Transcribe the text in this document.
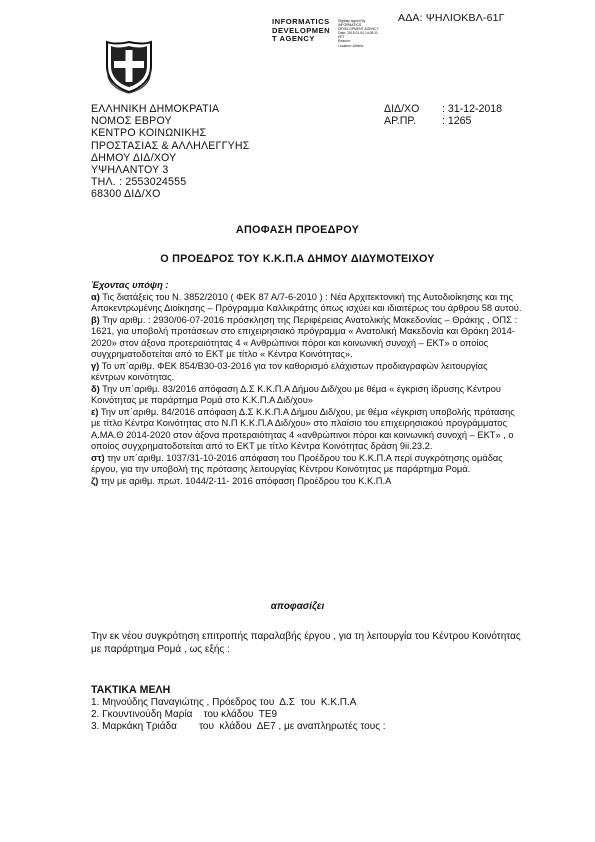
ΑΔΑ: ΨΗΛΙΟΚΒΛ-61Γ
INFORMATICS
DEVELOPMEN
T AGENCY
Digitally signed by
INFORMATICS
DEVELOPMENT AGENCY
Date: 2019.01.04 14:08:11
EET
Reason:
Location: Athens
ΕΛΛΗΝΙΚΗ ΔΗΜΟΚΡΑΤΙΑ
ΝΟΜΟΣ ΕΒΡΟΥ
ΚΕΝΤΡΟ ΚΟΙΝΩΝΙΚΗΣ
ΠΡΟΣΤΑΣΙΑΣ & ΑΛΛΗΛΕΓΓΥΗΣ
ΔΗΜΟΥ ΔΙΔ/ΧΟΥ
ΥΨΗΛΑΝΤΟΥ 3
ΤΗΛ. : 2553024555
68300 ΔΙΔ/ΧΟ
ΔΙΔ/ΧΟ	: 31-12-2018
ΑΡ.ΠΡ.	: 1265
ΑΠΟΦΑΣΗ ΠΡΟΕΔΡΟΥ
Ο ΠΡΟΕΔΡΟΣ ΤΟΥ Κ.Κ.Π.Α ΔΗΜΟΥ ΔΙΔΥΜΟΤΕΙΧΟΥ

Έχοντας υπόψη :

α) Τις διατάξεις του Ν. 3852/2010 ( ΦΕΚ 87 Α/7-6-2010 ) : Νέα Αρχιτεκτονική της Αυτοδιοίκησης και της Αποκεντρωμένης Διοίκησης – Πρόγραμμα Καλλικράτης όπως ισχύει και ιδιαιτέρως του άρθρου 58 αυτού.

β) Την αριθμ. : 2930/06-07-2016 πρόσκληση της Περιφέρειας Ανατολικής Μακεδονίας – Θράκης , ΟΠΣ : 1621, για υποβολή προτάσεων στο επιχειρησιακό πρόγραμμα « Ανατολική Μακεδονία και Θράκη 2014-2020» στον άξονα προτεραιότητας 4 « Ανθρώπινοι πόροι και κοινωνική συνοχή – ΕΚΤ» ο οποίος συγχρηματοδοτείται από το ΕΚΤ με τίτλο « Κέντρα Κοινότητας».

γ) Το υπ΄αριθμ. ΦΕΚ 854/Β30-03-2016 για τον καθορισμό ελάχιστων προδιαγραφών λειτουργίας κέντρων κοινότητας.

δ) Την υπ΄αριθμ. 83/2016 απόφαση Δ.Σ Κ.Κ.Π.Α Δήμου Διδ/χου με θέμα « έγκριση ίδρυσης Κέντρου Κοινότητας με παράρτημα Ρομά στο Κ.Κ.Π.Α Διδ/χου»

ε) Την υπ΄αριθμ. 84/2016 απόφαση Δ.Σ Κ.Κ.Π.Α Δήμου Διδ/χου, με θέμα «έγκριση υποβολής πρότασης με τίτλο Κέντρα Κοινότητας στο Ν.Π Κ.Κ.Π.Α Διδ/χου» στο πλαίσιο του επιχειρησιακού προγράμματος Α.ΜΑ.Θ 2014-2020 στον άξονα προτεραιότητας 4 «ανθρώπινοι πόροι και κοινωνική συνοχή – ΕΚΤ» , ο οποίος συγχρηματοδοτείται από το ΕΚΤ με τίτλο Κέντρα Κοινότητας δράση 9ii.23.2.

στ) την υπ΄αριθμ. 1037/31-10-2016 απόφαση του Προέδρου του Κ.Κ.Π.Α περί συγκρότησης ομάδας έργου, για την υποβολή της πρότασης λειτουργίας Κέντρου Κοινότητας με παράρτημα Ρομά.

ζ) την με αριθμ. πρωτ. 1044/2-11- 2016 απόφαση Προέδρου του Κ.Κ.Π.Α

αποφασίζει
Την εκ νέου συγκρότηση επιτροπής παραλαβής έργου , για τη λειτουργία του Κέντρου Κοινότητας με παράρτημα Ρομά , ως εξής :
ΤΑΚΤΙΚΑ ΜΕΛΗ
1. Μηνούδης Παναγιώτης , Πρόεδρος του  Δ.Σ  του  Κ.Κ.Π.Α
2. Γκουντινούδη Μαρία    του κλάδου  ΤΕ9
3. Μαρκάκη Τριάδα        του  κλάδου  ΔΕ7 , με αναπληρωτές τους :
